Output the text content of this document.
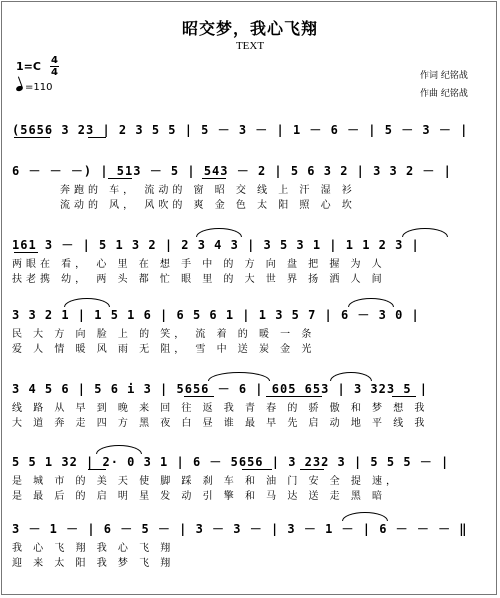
昭交梦，我心飞翔
TEXT
1=C 4
4
=110
作词 纪铭战
作曲 纪铭战
(5656 3 23 | 2 3 5 5 | 5 － 3 － | 1 － 6 － | 5 － 3 － |
6 － － －) | 513 － 5 | 543 － 2 | 5 6 3 2 | 3 3 2 － |
奔跑的 车， 流动的 窗 昭 交 线 上 汗 湿 衫
流动的 风， 风吹的 爽 金 色 太 阳 照 心 坎
161 3 － | 5 1 3 2 | 2 3 4 3 | 3 5 3 1 | 1 1 2 3 |
两眼在 看， 心 里 在 想 手 中 的 方 向 盘 把 握 为 人
扶老携 幼， 两 头 都 忙 眼 里 的 大 世 界 扬 洒 人 间
3 3 2 1 | 1 5 1 6 | 6 5 6 1 | 1 3 5 7 | 6 － 3 0 |
民 大 方 向 脸 上 的 笑， 流 着 的 暖 一 条
爱 人 情 暖 风 雨 无 阻， 雪 中 送 炭 金 光
3 4 5 6 | 5 6 i 3 | 5656 － 6 | 605 653 | 3 323 5 |
线 路 从 早 到 晚 来 回 往 返 我 青 春 的 骄 傲 和 梦 想 我
大 道 奔 走 四 方 黑 夜 白 昼 谁 最 早 先 启 动 地 平 线 我
5 5 1 32 | 2· 0 3 1 | 6 － 5656 | 3 232 3 | 5 5 5 － |
是 城 市 的 美 天 使 脚 踩 刹 车 和 油 门 安 全 提 速，
是 最 后 的 启 明 星 发 动 引 擎 和 马 达 送 走 黑 暗
3 － 1 － | 6 － 5 － | 3 － 3 － | 3 － 1 － | 6 － － － ‖
我 心 飞 翔 我 心 飞 翔
迎 来 太 阳 我 梦 飞 翔
